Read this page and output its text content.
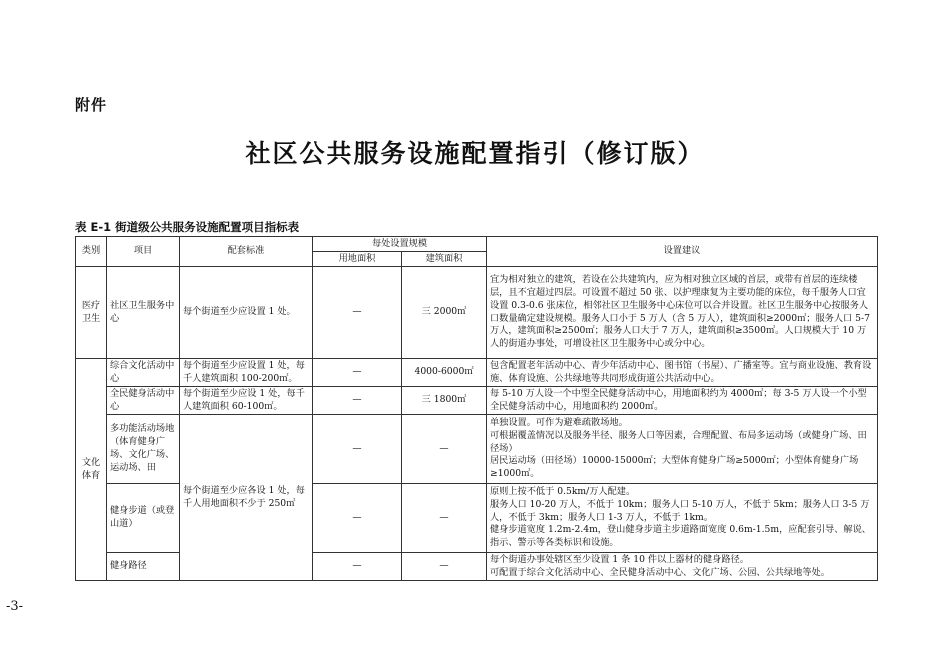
附件
社区公共服务设施配置指引（修订版）
表 E-1 街道级公共服务设施配置项目指标表
类别	项目	配套标准	每处设置规模		设置建议
			用地面积	建筑面积	
医疗卫生	社区卫生服务中心	每个街道至少应设置 1 处。	—	三 2000㎡	宜为相对独立的建筑，若设在公共建筑内，应为相对独立区域的首层，或带有首层的连续楼层，且不宜超过四层。可设置不超过 50 张、以护理康复为主要功能的床位，每千服务人口宜设置 0.3-0.6 张床位，相邻社区卫生服务中心床位可以合并设置。社区卫生服务中心按服务人口数量确定建设规模。服务人口小于 5 万人（含 5 万人），建筑面积≥2000㎡；服务人口 5-7 万人，建筑面积≥2500㎡；服务人口大于 7 万人，建筑面积≥3500㎡。人口规模大于 10 万人的街道办事处，可增设社区卫生服务中心或分中心。
文化体育	综合文化活动中心	每个街道至少应设置 1 处，每千人建筑面积 100-200㎡。	—	4000-6000㎡	包含配置老年活动中心、青少年活动中心、图书馆（书屋）、广播室等。宜与商业设施、教育设施、体育设施、公共绿地等共同形成街道公共活动中心。
	全民健身活动中心	每个街道至少应设 1 处，每千人建筑面积 60-100㎡。	—	三 1800㎡	每 5-10 万人设一个中型全民健身活动中心，用地面积约为 4000㎡；每 3-5 万人设一个小型全民健身活动中心，用地面积约 2000㎡。
	多功能活动场地（体育健身广场、文化广场、运动场、田	每个街道至少应各设 1 处，每千人用地面积不少于 250㎡	—	—	单独设置。可作为避难疏散场地。
可根据覆盖情况以及服务半径、服务人口等因素，合理配置、布局多运动场（或健身广场、田径场）
居民运动场（田径场）10000-15000㎡；大型体育健身广场≥5000㎡；小型体育健身广场≥1000㎡。
	健身步道（或登山道）		—	—	原则上按不低于 0.5km/万人配建。
服务人口 10-20 万人，不低于 10km；服务人口 5-10 万人，不低于 5km；服务人口 3-5 万人，不低于 3km；服务人口 1-3 万人，不低于 1km。
健身步道宽度 1.2m-2.4m，登山健身步道主步道路面宽度 0.6m-1.5m，应配套引导、解说、指示、警示等各类标识和设施。
	健身路径		—	—	每个街道办事处辖区至少设置 1 条 10 件以上器材的健身路径。
可配置于综合文化活动中心、全民健身活动中心、文化广场、公园、公共绿地等处。
-3-
